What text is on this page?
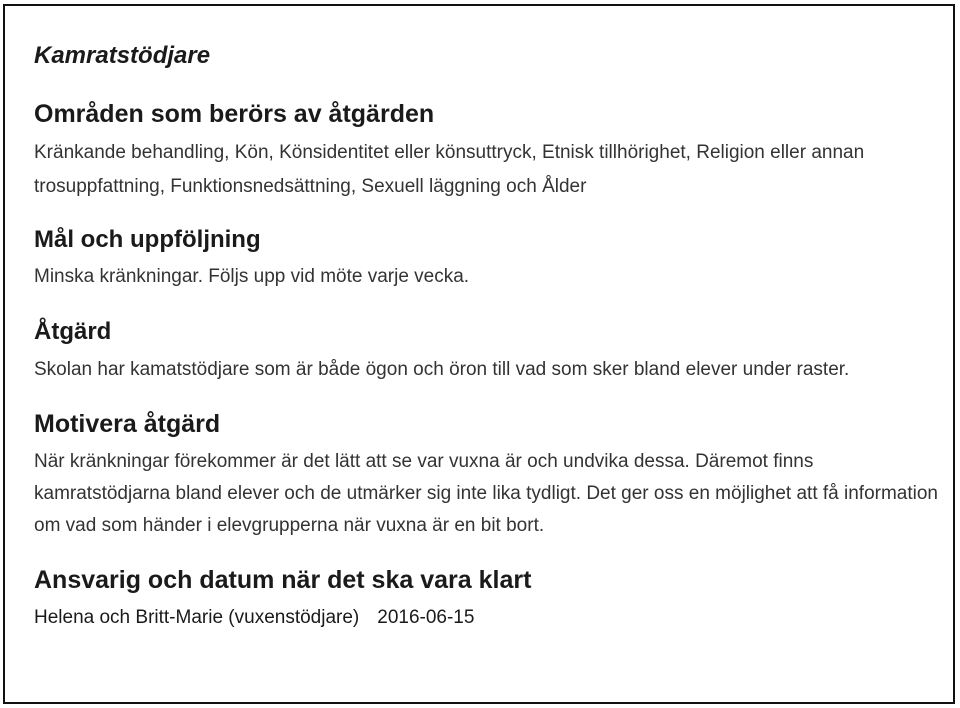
Kamratstödjare
Områden som berörs av åtgärden

Kränkande behandling, Kön, Könsidentitet eller könsuttryck, Etnisk tillhörighet, Religion eller annan trosuppfattning, Funktionsnedsättning, Sexuell läggning och Ålder

Mål och uppföljning

Minska kränkningar. Följs upp vid möte varje vecka.

Åtgärd

Skolan har kamatstödjare som är både ögon och öron till vad som sker bland elever under raster.

Motivera åtgärd

När kränkningar förekommer är det lätt att se var vuxna är och undvika dessa. Däremot finns kamratstödjarna bland elever och de utmärker sig inte lika tydligt. Det ger oss en möjlighet att få information om vad som händer i elevgrupperna när vuxna är en bit bort.

Ansvarig och datum när det ska vara klart

Helena och Britt-Marie (vuxenstödjare) 2016-06-15
